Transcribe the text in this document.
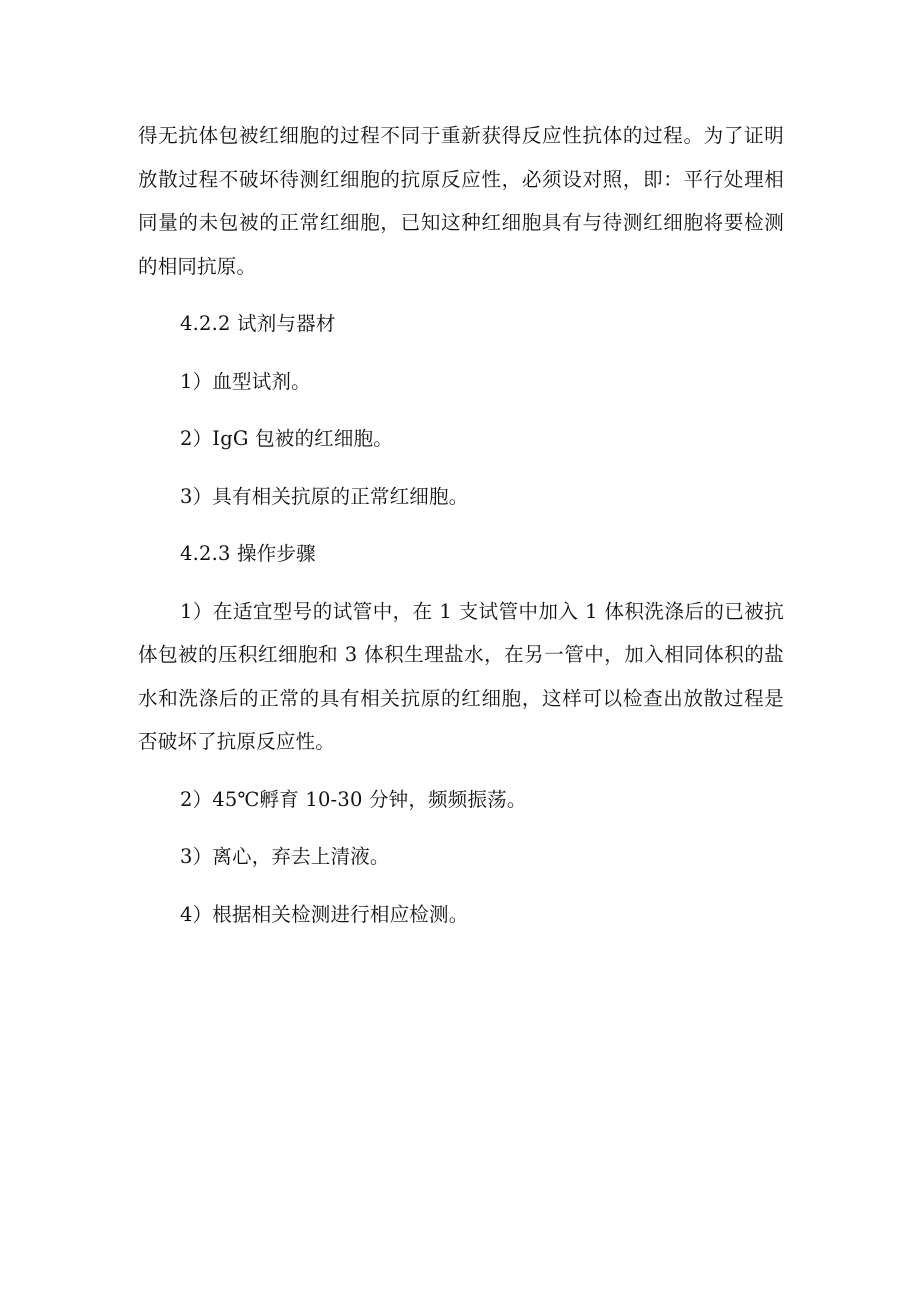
得无抗体包被红细胞的过程不同于重新获得反应性抗体的过程。为了证明放散过程不破坏待测红细胞的抗原反应性，必须设对照，即：平行处理相同量的未包被的正常红细胞，已知这种红细胞具有与待测红细胞将要检测的相同抗原。

4.2.2 试剂与器材

1）血型试剂。

2）IgG 包被的红细胞。

3）具有相关抗原的正常红细胞。

4.2.3 操作步骤

1）在适宜型号的试管中，在 1 支试管中加入 1 体积洗涤后的已被抗体包被的压积红细胞和 3 体积生理盐水，在另一管中，加入相同体积的盐水和洗涤后的正常的具有相关抗原的红细胞，这样可以检查出放散过程是否破坏了抗原反应性。

2）45℃孵育 10-30 分钟，频频振荡。

3）离心，弃去上清液。

4）根据相关检测进行相应检测。
